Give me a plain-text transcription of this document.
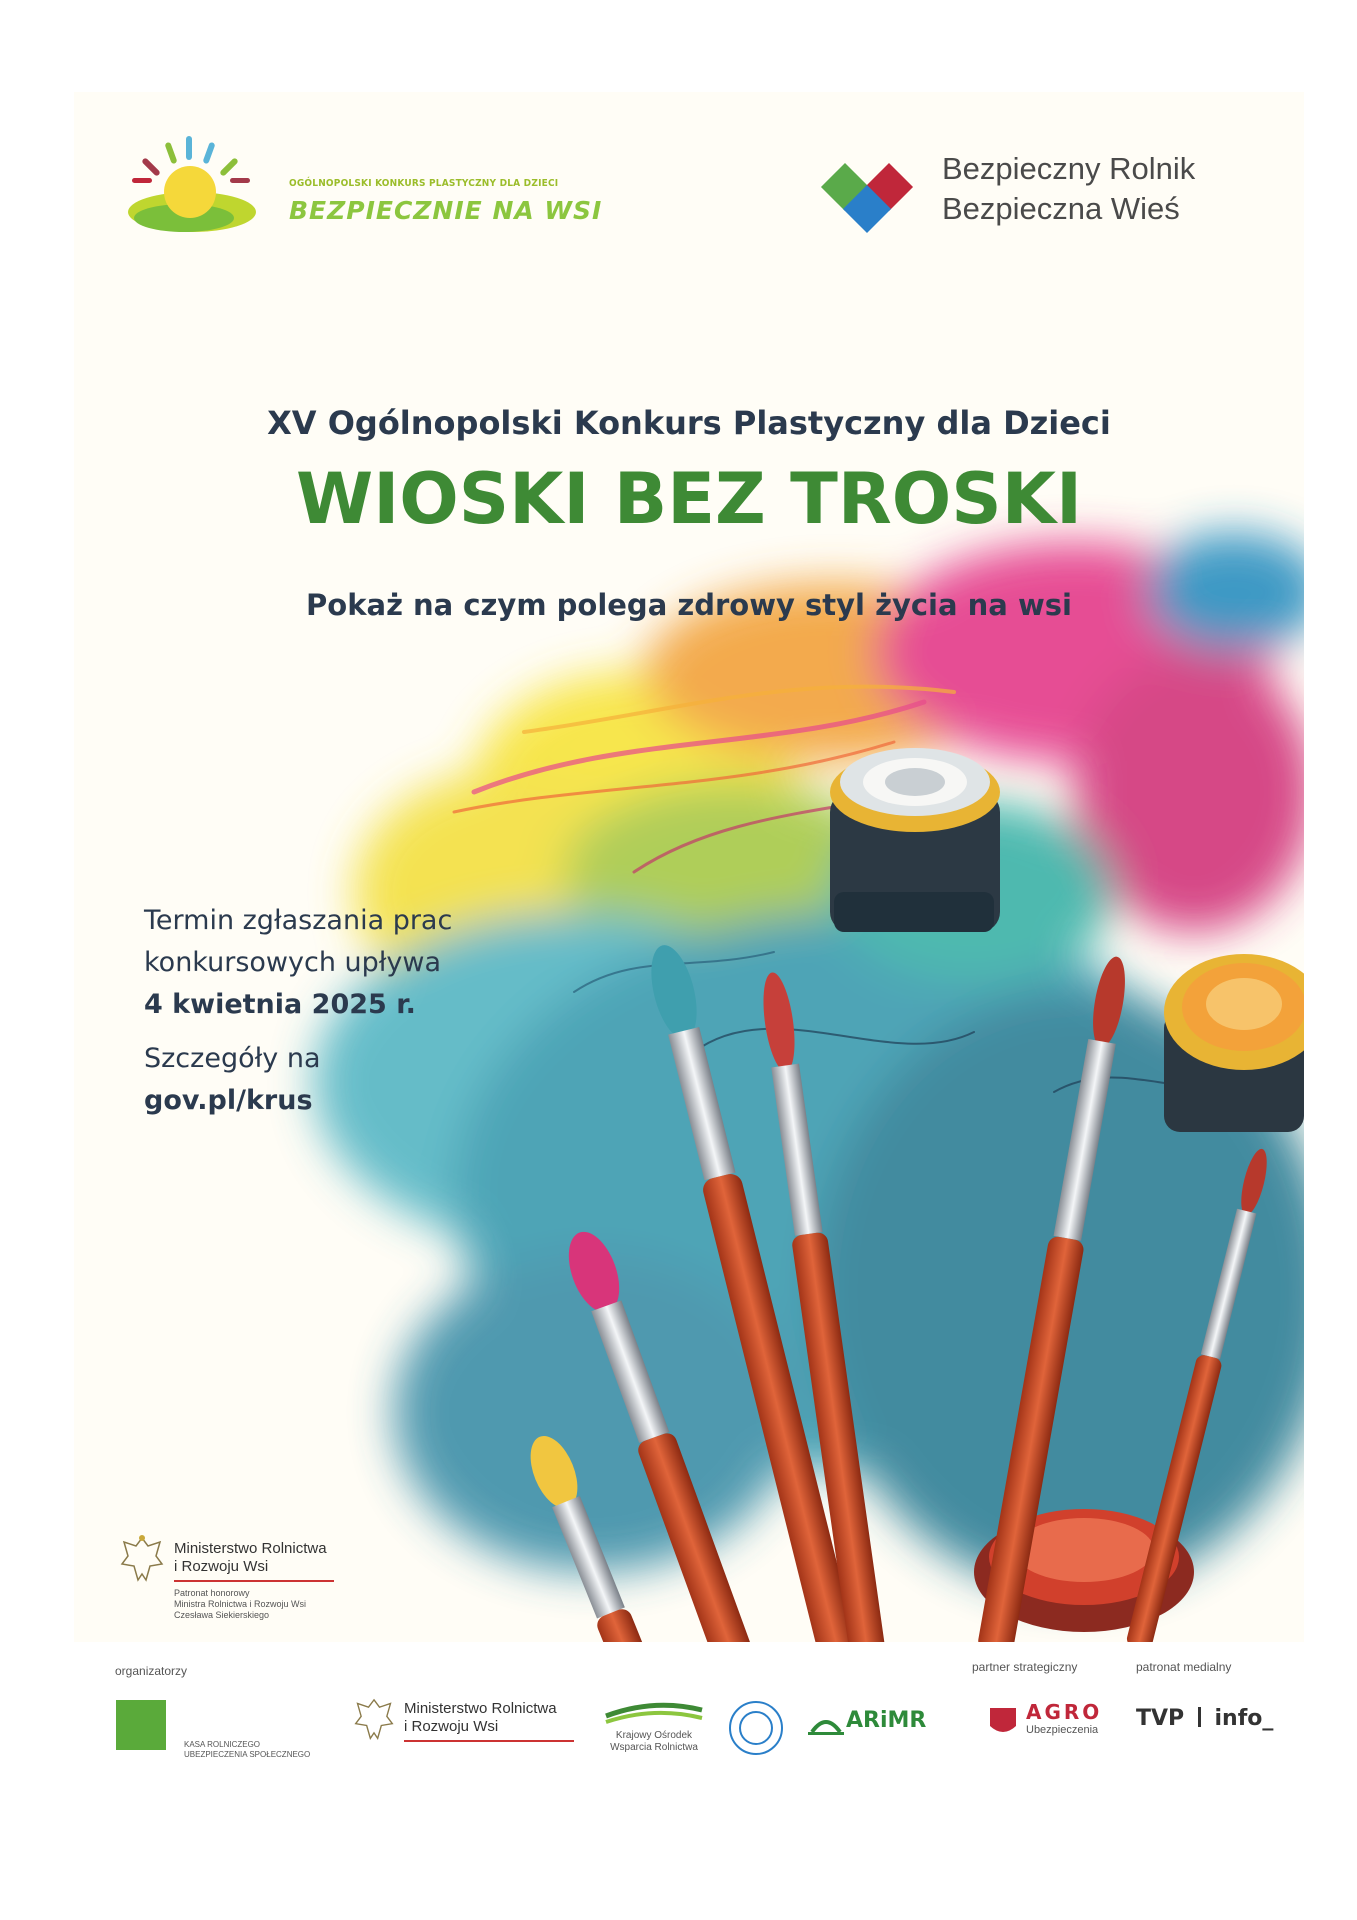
OGÓLNOPOLSKI KONKURS PLASTYCZNY DLA DZIECI
BEZPIECZNIE NA WSI
Bezpieczny Rolnik
Bezpieczna Wieś
XV Ogólnopolski Konkurs Plastyczny dla Dzieci
WIOSKI BEZ TROSKI
Pokaż na czym polega zdrowy styl życia na wsi
Termin zgłaszania prac
konkursowych upływa
4 kwietnia 2025 r.
Szczegóły na
gov.pl/krus
Ministerstwo Rolnictwa
i Rozwoju Wsi
Patronat honorowy
Ministra Rolnictwa i Rozwoju Wsi
Czesława Siekierskiego
organizatorzy	partner strategiczny	patronat medialny
KASA ROLNICZEGO
UBEZPIECZENIA SPOŁECZNEGO
Ministerstwo Rolnictwa
i Rozwoju Wsi
Krajowy Ośrodek
Wsparcia Rolnictwa
ARiMR	AGRO
Ubezpieczenia TVP info_
